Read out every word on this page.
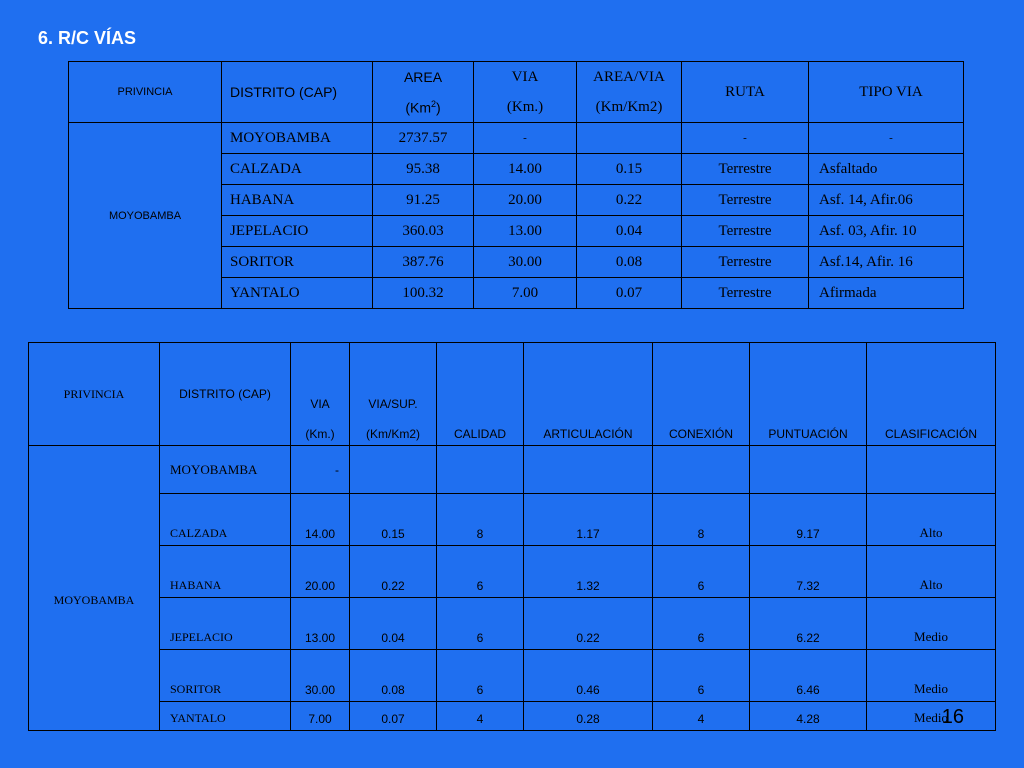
6. R/C VÍAS
PRIVINCIA	DISTRITO (CAP)	AREA	VIA	AREA/VIA	RUTA	TIPO VIA
		(Km$^2$)	(Km.)	(Km/Km2)		
MOYOBAMBA	MOYOBAMBA	2737.57	-		-	-
	CALZADA	95.38	14.00	0.15	Terrestre	Asfaltado
	HABANA	91.25	20.00	0.22	Terrestre	Asf. 14, Afir.06
	JEPELACIO	360.03	13.00	0.04	Terrestre	Asf. 03, Afir. 10
	SORITOR	387.76	30.00	0.08	Terrestre	Asf.14, Afir. 16
	YANTALO	100.32	7.00	0.07	Terrestre	Afirmada
PRIVINCIA	DISTRITO (CAP)	VIA	VIA/SUP.	CALIDAD	ARTICULACIÓN	CONEXIÓN	PUNTUACIÓN	CLASIFICACIÓN
		(Km.)	(Km/Km2)					
MOYOBAMBA	MOYOBAMBA	-						
	CALZADA	14.00	0.15	8	1.17	8	9.17	Alto
	HABANA	20.00	0.22	6	1.32	6	7.32	Alto
	JEPELACIO	13.00	0.04	6	0.22	6	6.22	Medio
	SORITOR	30.00	0.08	6	0.46	6	6.46	Medio
	YANTALO	7.00	0.07	4	0.28	4	4.28	Medio
16
